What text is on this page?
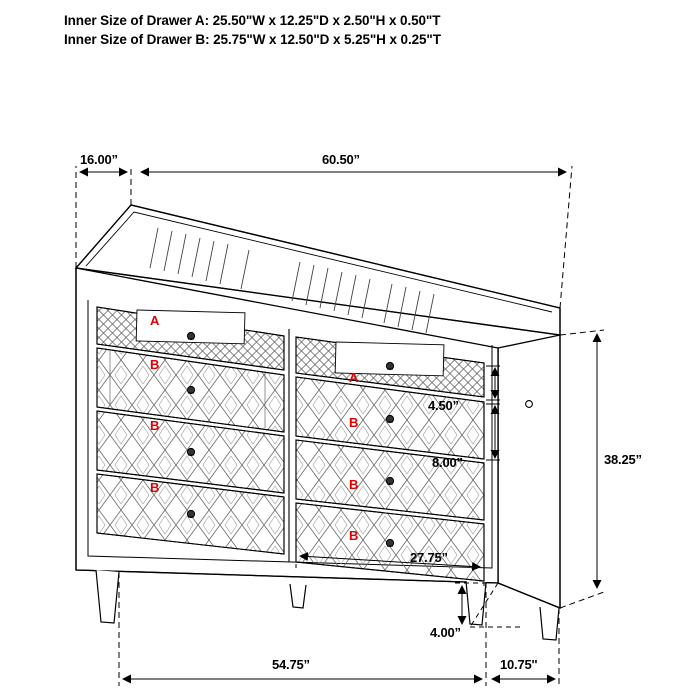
Inner Size of Drawer A: 25.50"W x 12.25"D x 2.50"H x 0.50"T
Inner Size of Drawer B: 25.75"W x 12.50"D x 5.25"H x 0.25"T
16.00”	60.50”
4.50”
8.00”
27.75”
4.00”
38.25”
54.75”	10.75''
A
B
B
B
A
B
B
B
